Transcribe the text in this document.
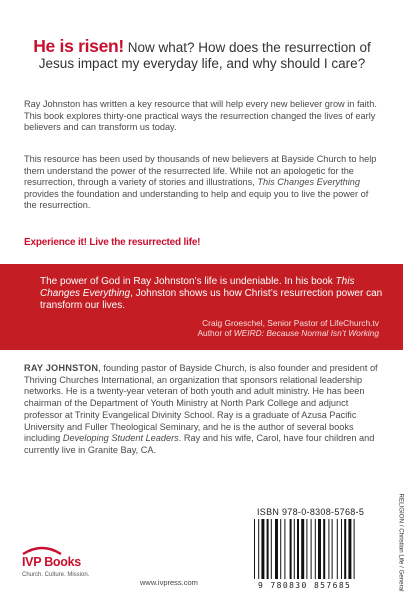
He is risen! Now what? How does the resurrection of Jesus impact my everyday life, and why should I care?

Ray Johnston has written a key resource that will help every new believer grow in faith. This book explores thirty-one practical ways the resurrection changed the lives of early believers and can transform us today.

This resource has been used by thousands of new believers at Bayside Church to help them understand the power of the resurrected life. While not an apologetic for the resurrection, through a variety of stories and illustrations, This Changes Everything provides the foundation and understanding to help and equip you to live the power of the resurrection.

Experience it! Live the resurrected life!

The power of God in Ray Johnston’s life is undeniable. In his book This Changes Everything, Johnston shows us how Christ’s resurrection power can transform our lives.

Craig Groeschel, Senior Pastor of LifeChurch.tv
Author of WEIRD: Because Normal Isn’t Working

RAY JOHNSTON, founding pastor of Bayside Church, is also founder and president of Thriving Churches International, an organization that sponsors relational leadership networks. He is a twenty-year veteran of both youth and adult ministry. He has been chairman of the Department of Youth Ministry at North Park College and adjunct professor at Trinity Evangelical Divinity School. Ray is a graduate of Azusa Pacific University and Fuller Theological Seminary, and he is the author of several books including Developing Student Leaders. Ray and his wife, Carol, have four children and currently live in Granite Bay, CA.

IVP Books
Church. Culture. Mission.
www.ivpress.com
ISBN 978-0-8308-5768-5
9 780830 857685	RELIGION / Christian Life / General
